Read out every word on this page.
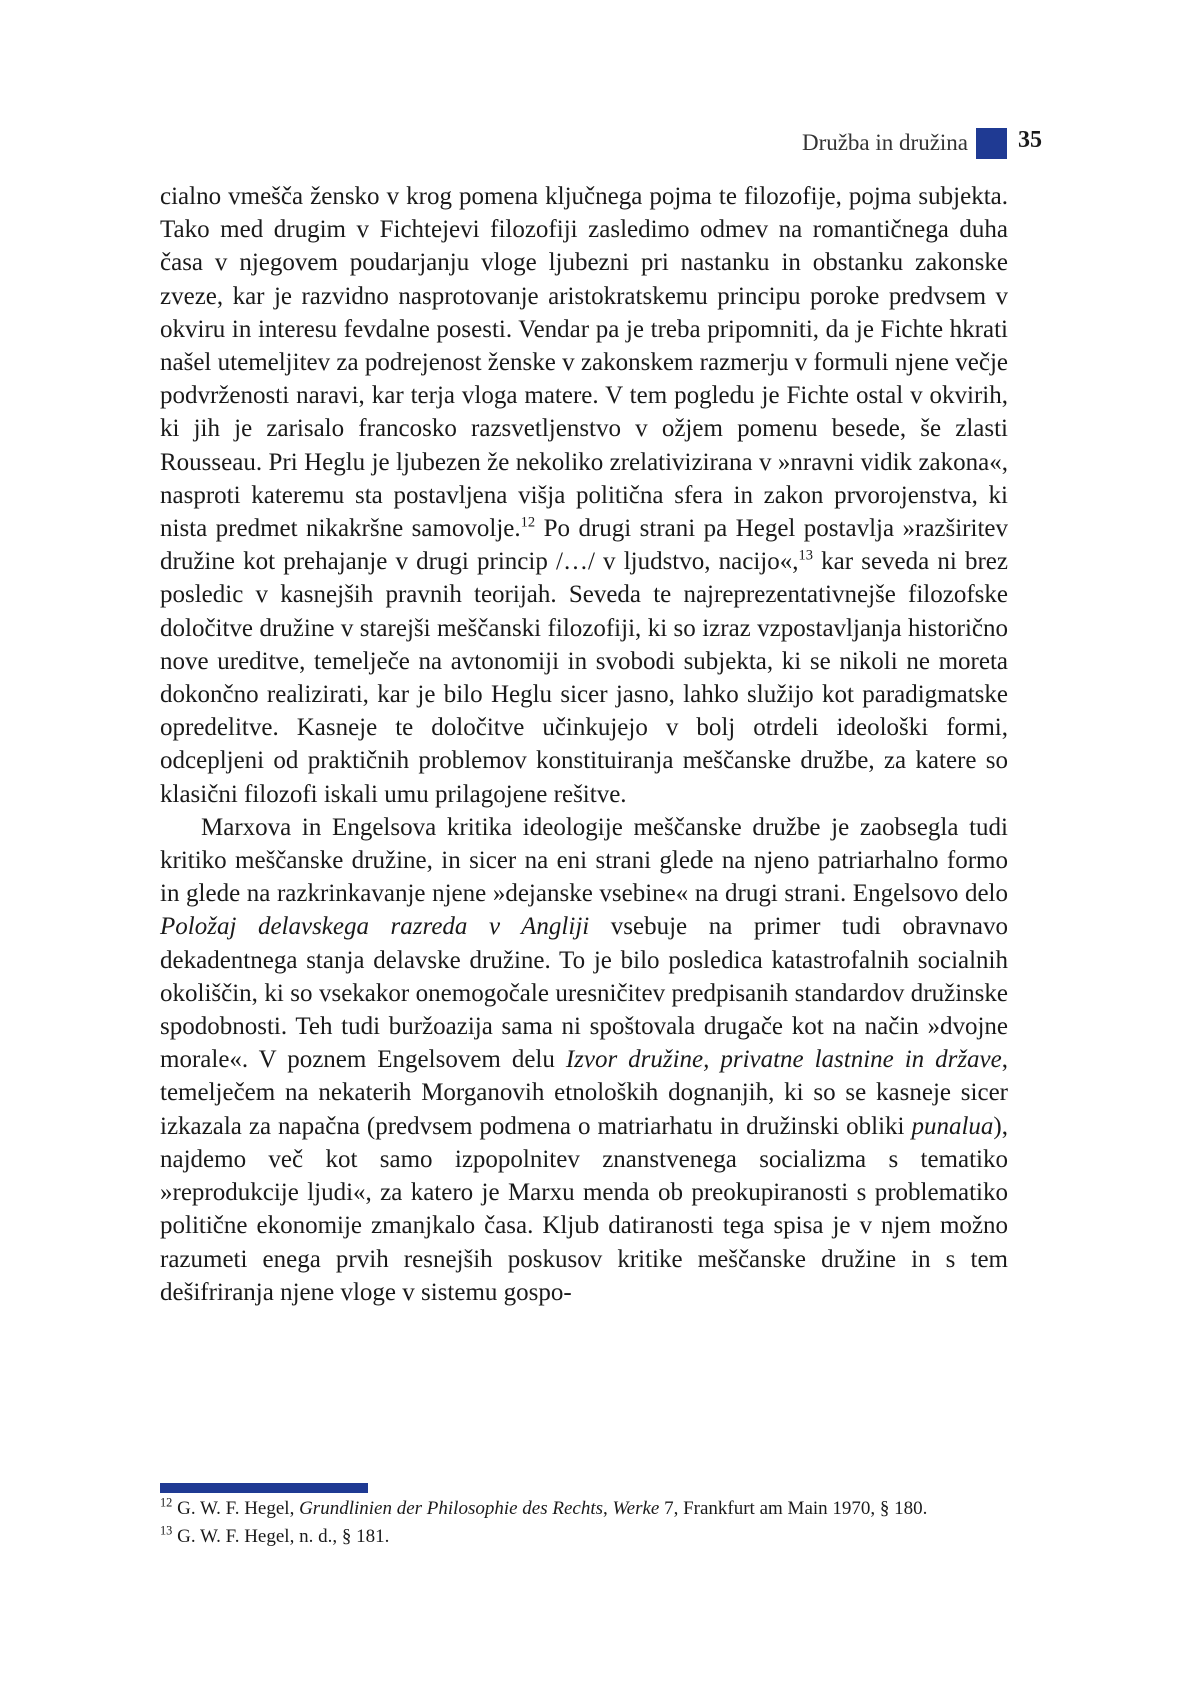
Družba in družina 35

cialno vmešča žensko v krog pomena ključnega pojma te filozofije, pojma subjekta. Tako med drugim v Fichtejevi filozofiji zasledimo odmev na romantičnega duha časa v njegovem poudarjanju vloge ljubezni pri nastanku in obstanku zakonske zveze, kar je razvidno nasprotovanje aristokratskemu principu poroke predvsem v okviru in interesu fevdalne posesti. Vendar pa je treba pripomniti, da je Fichte hkrati našel utemeljitev za podrejenost ženske v zakonskem razmerju v formuli njene večje podvrženosti naravi, kar terja vloga matere. V tem pogledu je Fichte ostal v okvirih, ki jih je zarisalo francosko razsvetljenstvo v ožjem pomenu besede, še zlasti Rousseau. Pri Heglu je ljubezen že nekoliko zrelativizirana v »nravni vidik zakona«, nasproti kateremu sta postavljena višja politična sfera in zakon prvorojenstva, ki nista predmet nikakršne samovolje.$^{12}$ Po drugi strani pa Hegel postavlja »razširitev družine kot prehajanje v drugi princip /…/ v ljudstvo, nacijo«,$^{13}$ kar seveda ni brez posledic v kasnejših pravnih teorijah. Seveda te najreprezentativnejše filozofske določitve družine v starejši meščanski filozofiji, ki so izraz vzpostavljanja historično nove ureditve, temelječe na avtonomiji in svobodi subjekta, ki se nikoli ne moreta dokončno realizirati, kar je bilo Heglu sicer jasno, lahko služijo kot paradigmatske opredelitve. Kasneje te določitve učinkujejo v bolj otrdeli ideološki formi, odcepljeni od praktičnih problemov konstituiranja meščanske družbe, za katere so klasični filozofi iskali umu prilagojene rešitve.

Marxova in Engelsova kritika ideologije meščanske družbe je zaobsegla tudi kritiko meščanske družine, in sicer na eni strani glede na njeno patriarhalno formo in glede na razkrinkavanje njene »dejanske vsebine« na drugi strani. Engelsovo delo Položaj delavskega razreda v Angliji vsebuje na primer tudi obravnavo dekadentnega stanja delavske družine. To je bilo posledica katastrofalnih socialnih okoliščin, ki so vsekakor onemogočale uresničitev predpisanih standardov družinske spodobnosti. Teh tudi buržoazija sama ni spoštovala drugače kot na način »dvojne morale«. V poznem Engelsovem delu Izvor družine, privatne lastnine in države, temelječem na nekaterih Morganovih etnoloških dognanjih, ki so se kasneje sicer izkazala za napačna (predvsem podmena o matriarhatu in družinski obliki punalua), najdemo več kot samo izpopolnitev znanstvenega socializma s tematiko »reprodukcije ljudi«, za katero je Marxu menda ob preokupiranosti s problematiko politične ekonomije zmanjkalo časa. Kljub datiranosti tega spisa je v njem možno razumeti enega prvih resnejših poskusov kritike meščanske družine in s tem dešifriranja njene vloge v sistemu gospo-

$^{12}$ G. W. F. Hegel, Grundlinien der Philosophie des Rechts, Werke 7, Frankfurt am Main 1970, § 180.
$^{13}$ G. W. F. Hegel, n. d., § 181.
